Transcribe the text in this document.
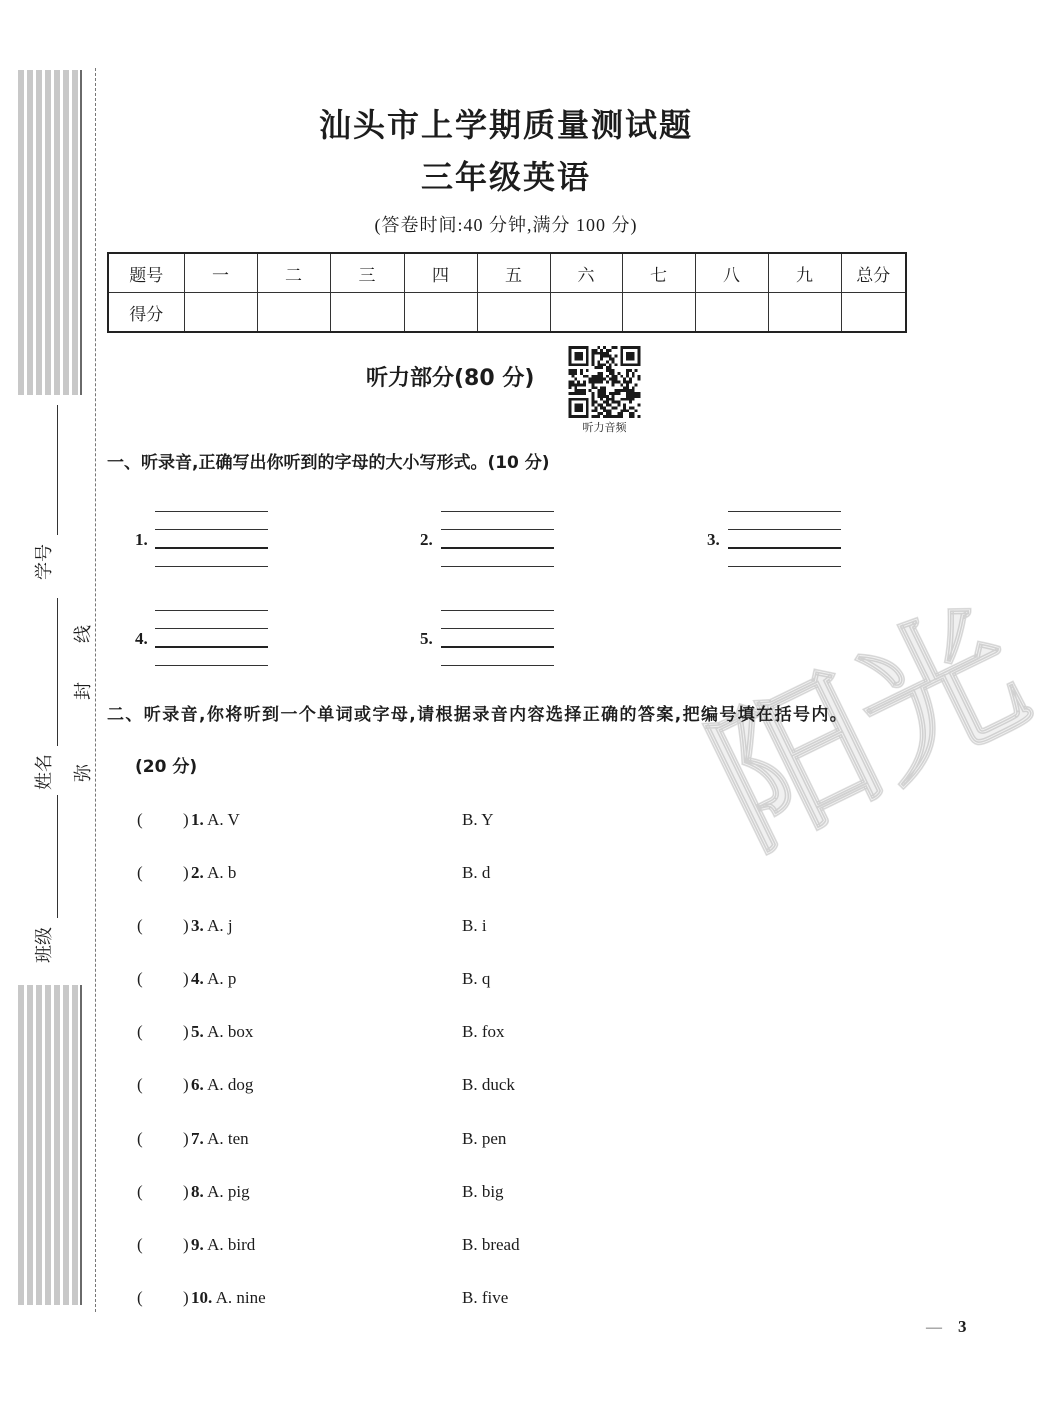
学号
姓名
班级
线
封
弥
汕头市上学期质量测试题
三年级英语
(答卷时间:40 分钟,满分 100 分)
题号	一	二	三	四	五	六	七	八	九	总分
得分										
听力部分(80 分)
听力音频
一、听录音,正确写出你听到的字母的大小写形式。(10 分)
1.	2.	3.
4.	5. 阳光
二、听录音,你将听到一个单词或字母,请根据录音内容选择正确的答案,把编号填在括号内。
(20 分)
( ) 1. A. V	B. Y
( ) 2. A. b	B. d
( ) 3. A. j	B. i
( ) 4. A. p	B. q
( ) 5. A. box	B. fox
( ) 6. A. dog	B. duck
( ) 7. A. ten	B. pen
( ) 8. A. pig	B. big
( ) 9. A. bird	B. bread
( ) 10. A. nine	B. five
— 3
